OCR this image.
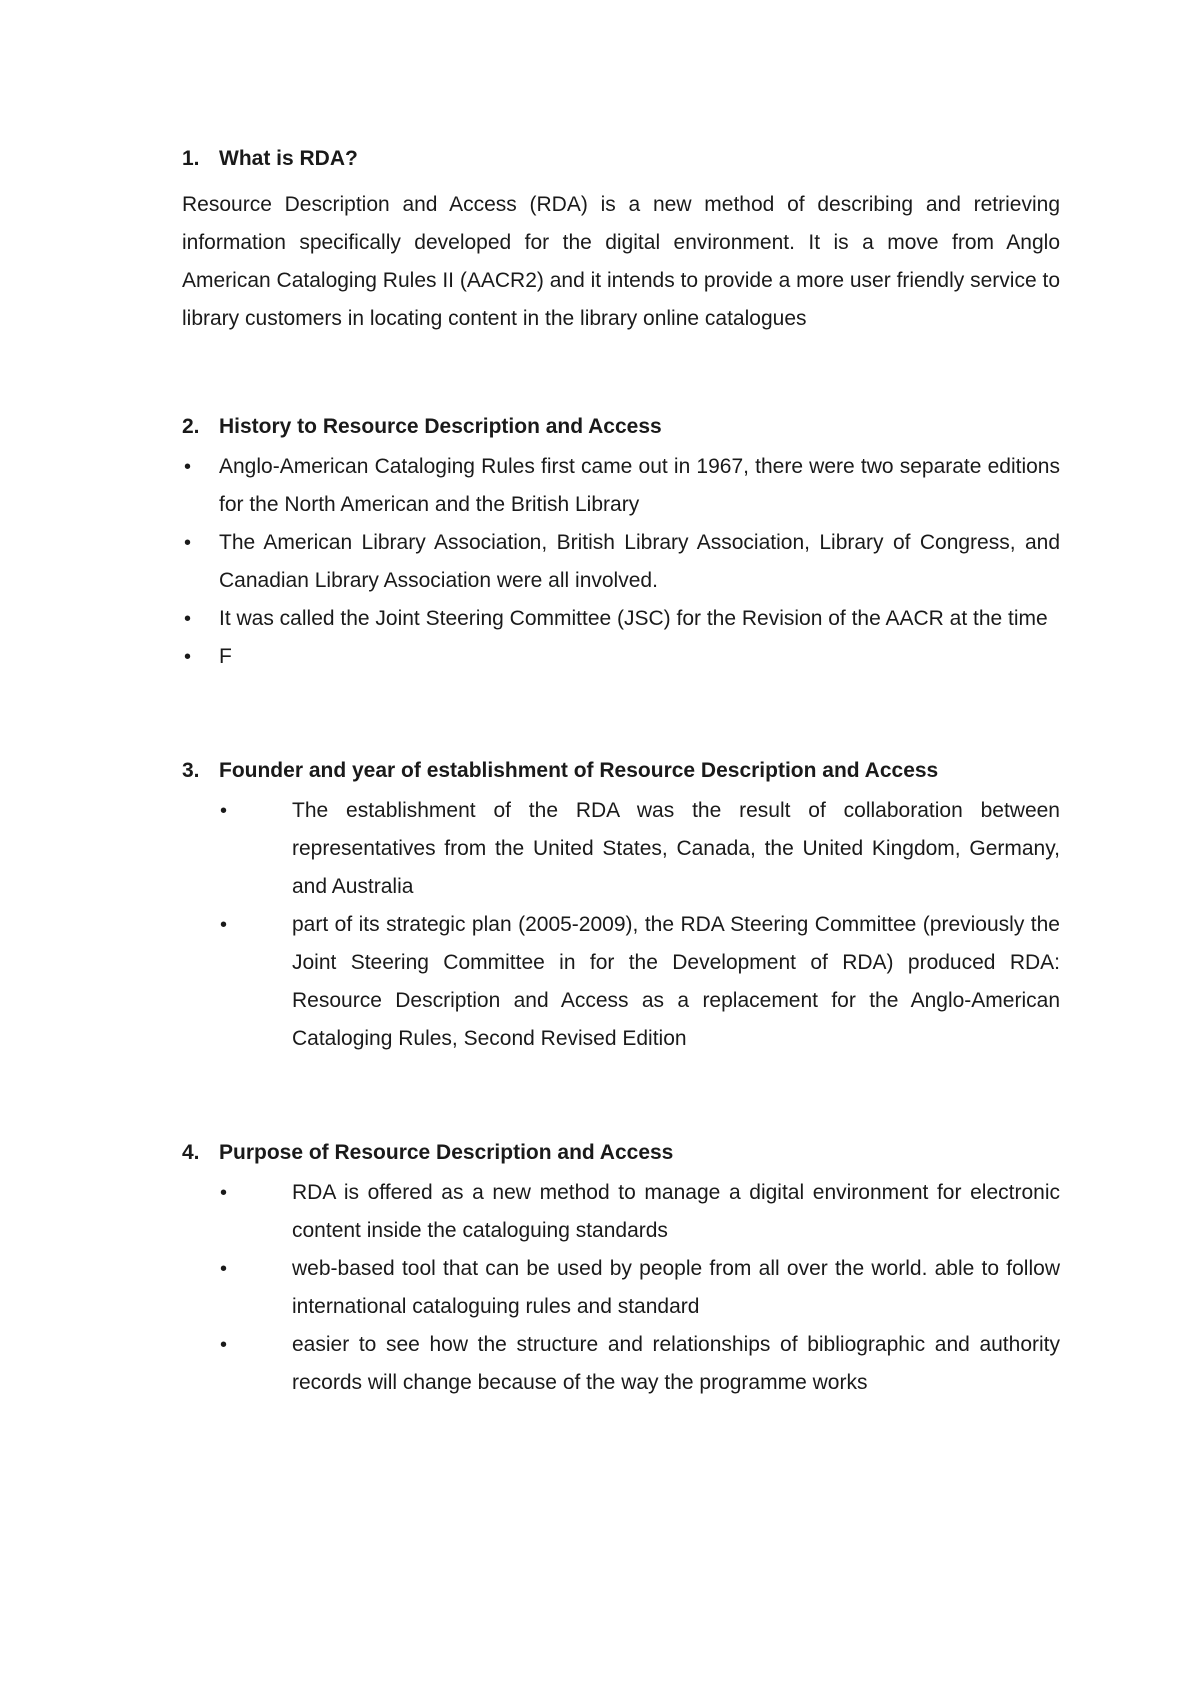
1. What is RDA?

Resource Description and Access (RDA) is a new method of describing and retrieving information specifically developed for the digital environment. It is a move from Anglo American Cataloging Rules II (AACR2) and it intends to provide a more user friendly service to library customers in locating content in the library online catalogues

2. History to Resource Description and Access
• Anglo-American Cataloging Rules first came out in 1967, there were two separate editions for the North American and the British Library
• The American Library Association, British Library Association, Library of Congress, and Canadian Library Association were all involved.
• It was called the Joint Steering Committee (JSC) for the Revision of the AACR at the time
• F
3. Founder and year of establishment of Resource Description and Access
•	The establishment of the RDA was the result of collaboration between representatives from the United States, Canada, the United Kingdom, Germany, and Australia
•	part of its strategic plan (2005-2009), the RDA Steering Committee (previously the Joint Steering Committee in for the Development of RDA) produced RDA: Resource Description and Access as a replacement for the Anglo-American Cataloging Rules, Second Revised Edition
4. Purpose of Resource Description and Access
•	RDA is offered as a new method to manage a digital environment for electronic content inside the cataloguing standards
•	web-based tool that can be used by people from all over the world. able to follow international cataloguing rules and standard
•	easier to see how the structure and relationships of bibliographic and authority records will change because of the way the programme works
